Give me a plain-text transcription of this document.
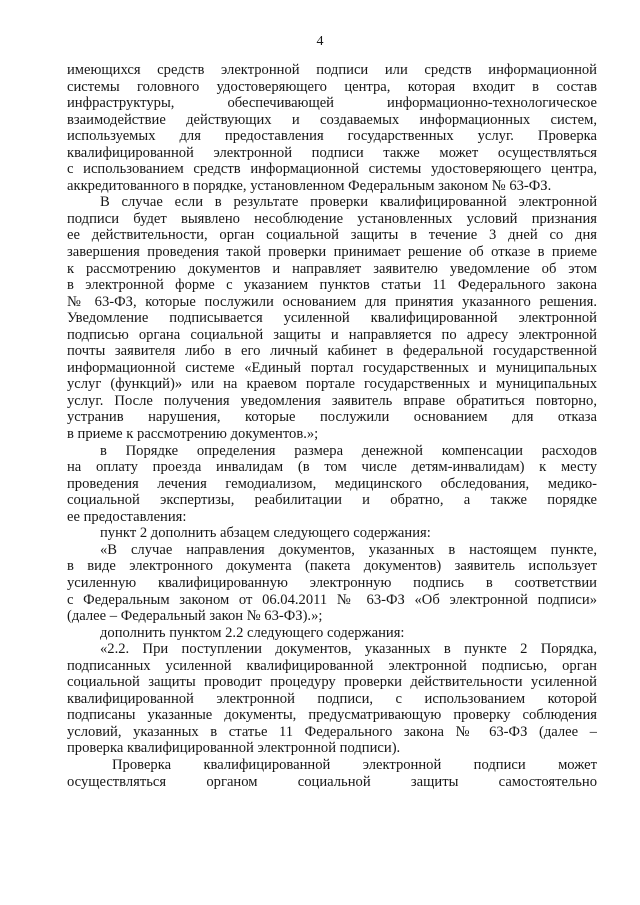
4
имеющихся средств электронной подписи или средств информационной
системы головного удостоверяющего центра, которая входит в состав
инфраструктуры, обеспечивающей информационно-технологическое
взаимодействие действующих и создаваемых информационных систем,
используемых для предоставления государственных услуг. Проверка
квалифицированной электронной подписи также может осуществляться
с использованием средств информационной системы удостоверяющего центра,
аккредитованного в порядке, установленном Федеральным законом № 63-ФЗ.
В случае если в результате проверки квалифицированной электронной
подписи будет выявлено несоблюдение установленных условий признания
ее действительности, орган социальной защиты в течение 3 дней со дня
завершения проведения такой проверки принимает решение об отказе в приеме
к рассмотрению документов и направляет заявителю уведомление об этом
в электронной форме с указанием пунктов статьи 11 Федерального закона
№ 63-ФЗ, которые послужили основанием для принятия указанного решения.
Уведомление подписывается усиленной квалифицированной электронной
подписью органа социальной защиты и направляется по адресу электронной
почты заявителя либо в его личный кабинет в федеральной государственной
информационной системе «Единый портал государственных и муниципальных
услуг (функций)» или на краевом портале государственных и муниципальных
услуг. После получения уведомления заявитель вправе обратиться повторно,
устранив нарушения, которые послужили основанием для отказа
в приеме к рассмотрению документов.»;
в Порядке определения размера денежной компенсации расходов
на оплату проезда инвалидам (в том числе детям-инвалидам) к месту
проведения лечения гемодиализом, медицинского обследования, медико-
социальной экспертизы, реабилитации и обратно, а также порядке
ее предоставления:
пункт 2 дополнить абзацем следующего содержания:
«В случае направления документов, указанных в настоящем пункте,
в виде электронного документа (пакета документов) заявитель использует
усиленную квалифицированную электронную подпись в соответствии
с Федеральным законом от 06.04.2011 № 63-ФЗ «Об электронной подписи»
(далее – Федеральный закон № 63-ФЗ).»;
дополнить пунктом 2.2 следующего содержания:
«2.2. При поступлении документов, указанных в пункте 2 Порядка,
подписанных усиленной квалифицированной электронной подписью, орган
социальной защиты проводит процедуру проверки действительности усиленной
квалифицированной электронной подписи, с использованием которой
подписаны указанные документы, предусматривающую проверку соблюдения
условий, указанных в статье 11 Федерального закона № 63-ФЗ (далее –
проверка квалифицированной электронной подписи).
Проверка квалифицированной электронной подписи может
осуществляться органом социальной защиты самостоятельно
